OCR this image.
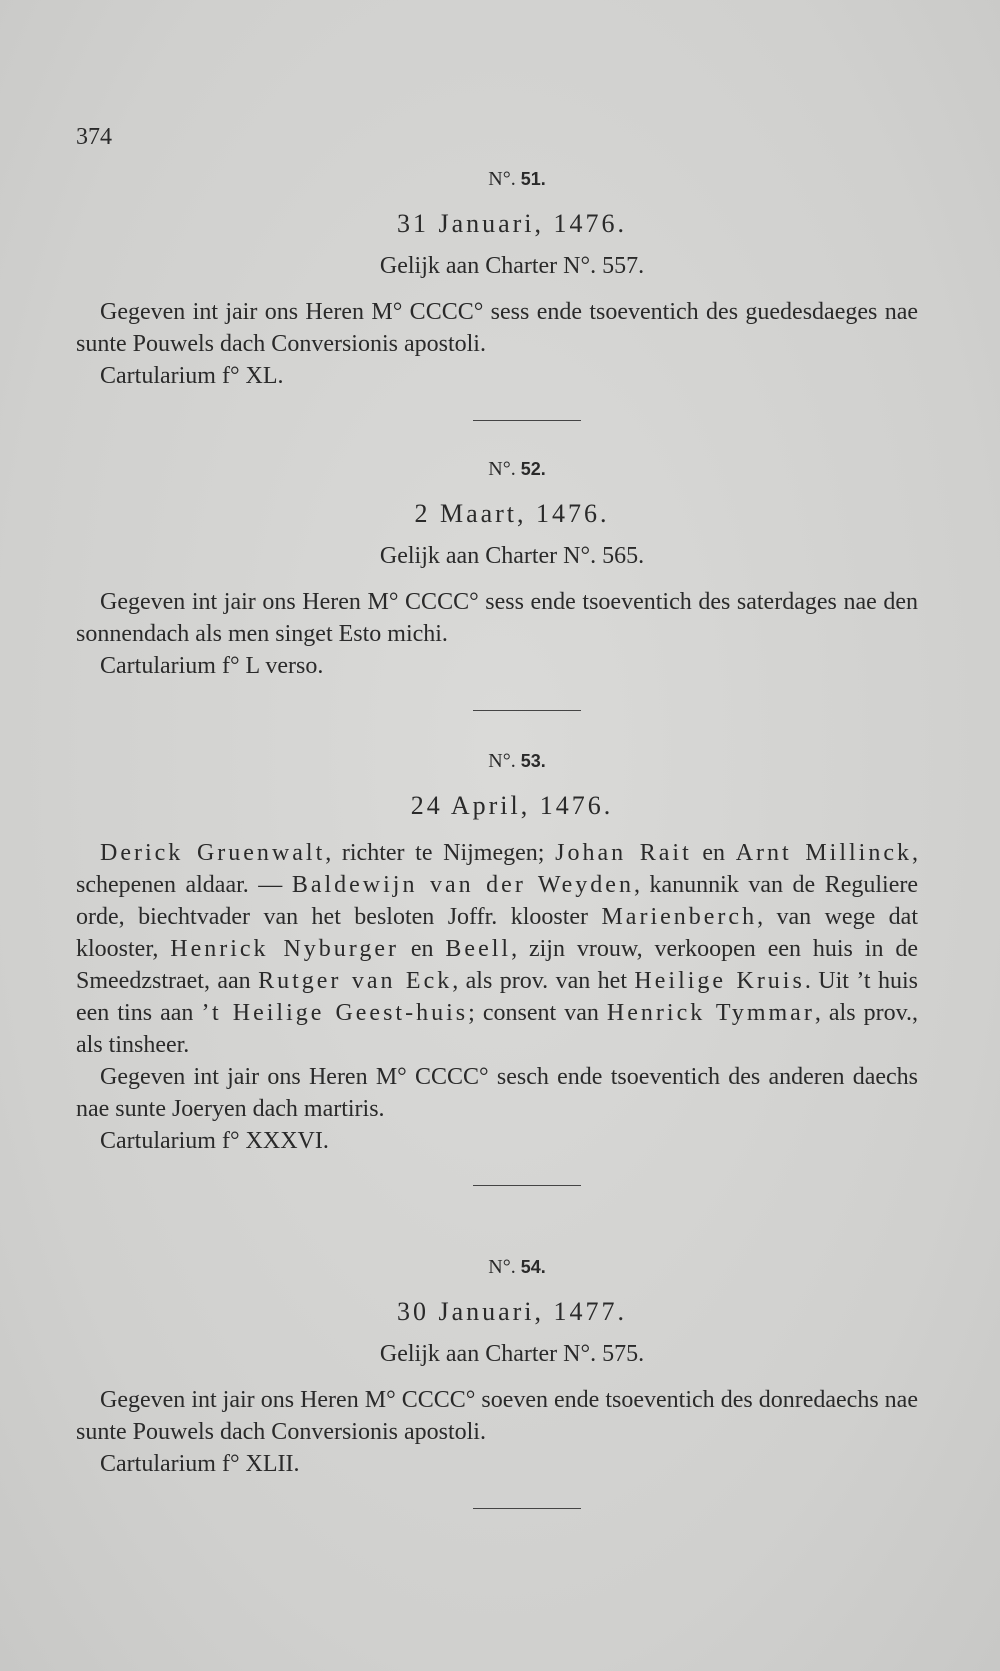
374
N°. 51.
31 Januari, 1476.
Gelijk aan Charter N°. 557.

Gegeven int jair ons Heren M° CCCC° sess ende tsoeventich des guedesdaeges nae sunte Pouwels dach Conversionis apostoli.

Cartularium f° XL.
N°. 52.
2 Maart, 1476.
Gelijk aan Charter N°. 565.

Gegeven int jair ons Heren M° CCCC° sess ende tsoeventich des saterdages nae den sonnendach als men singet Esto michi.

Cartularium f° L verso.
N°. 53.
24 April, 1476.

Derick Gruenwalt, richter te Nijmegen; Johan Rait en Arnt Millinck, schepenen aldaar. — Baldewijn van der Weyden, kanunnik van de Reguliere orde, biechtvader van het besloten Joffr. klooster Marienberch, van wege dat klooster, Henrick Nyburger en Beell, zijn vrouw, verkoopen een huis in de Smeedzstraet, aan Rutger van Eck, als prov. van het Heilige Kruis. Uit ’t huis een tins aan ’t Heilige Geest-huis; consent van Henrick Tymmar, als prov., als tinsheer.

Gegeven int jair ons Heren M° CCCC° sesch ende tsoeventich des anderen daechs nae sunte Joeryen dach martiris.

Cartularium f° XXXVI.
N°. 54.
30 Januari, 1477.
Gelijk aan Charter N°. 575.

Gegeven int jair ons Heren M° CCCC° soeven ende tsoeventich des donredaechs nae sunte Pouwels dach Conversionis apostoli.

Cartularium f° XLII.
